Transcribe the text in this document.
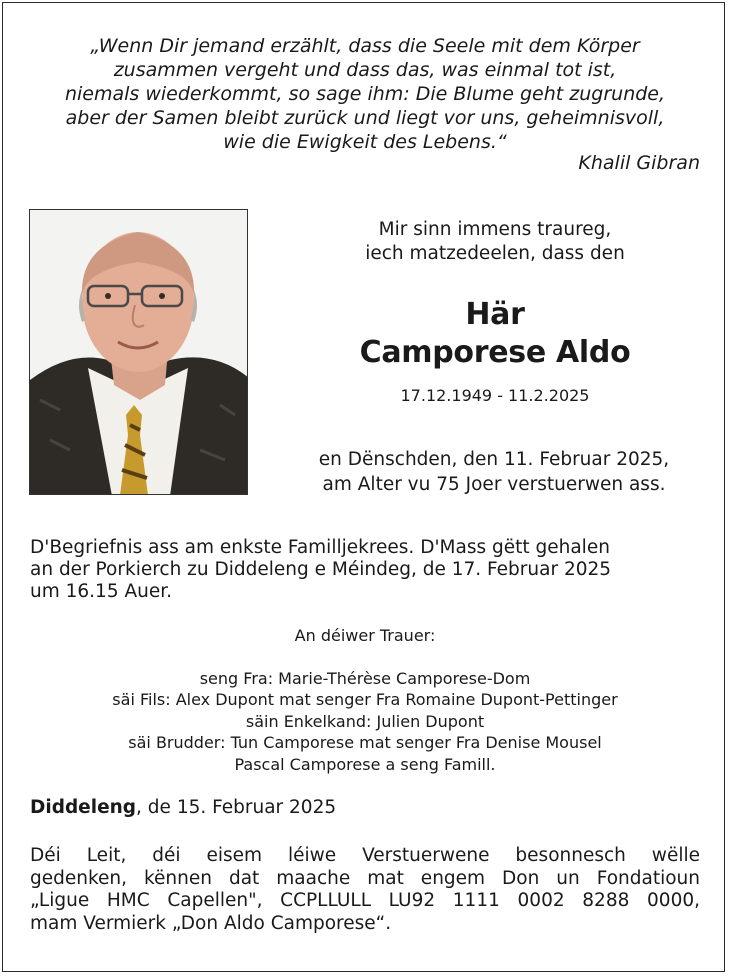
„Wenn Dir jemand erzählt, dass die Seele mit dem Körper
zusammen vergeht und dass das, was einmal tot ist,
niemals wiederkommt, so sage ihm: Die Blume geht zugrunde,
aber der Samen bleibt zurück und liegt vor uns, geheimnisvoll,
wie die Ewigkeit des Lebens.“
Khalil Gibran
Mir sinn immens traureg,
iech matzedeelen, dass den
Här
Camporese Aldo
17.12.1949 - 11.2.2025
en Dënschden, den 11. Februar 2025,
am Alter vu 75 Joer verstuerwen ass.
D'Begriefnis ass am enkste Familljekrees. D'Mass gëtt gehalen
an der Porkierch zu Diddeleng e Méindeg, de 17. Februar 2025
um 16.15 Auer.
An déiwer Trauer:
seng Fra: Marie-Thérèse Camporese-Dom
säi Fils: Alex Dupont mat senger Fra Romaine Dupont-Pettinger
säin Enkelkand: Julien Dupont
säi Brudder: Tun Camporese mat senger Fra Denise Mousel
Pascal Camporese a seng Famill.
Diddeleng, de 15. Februar 2025
Déi Leit, déi eisem léiwe Verstuerwene besonnesch wëlle
gedenken, kënnen dat maache mat engem Don un Fondatioun
„Ligue HMC Capellen", CCPLLULL LU92 1111 0002 8288 0000,
mam Vermierk „Don Aldo Camporese“.
